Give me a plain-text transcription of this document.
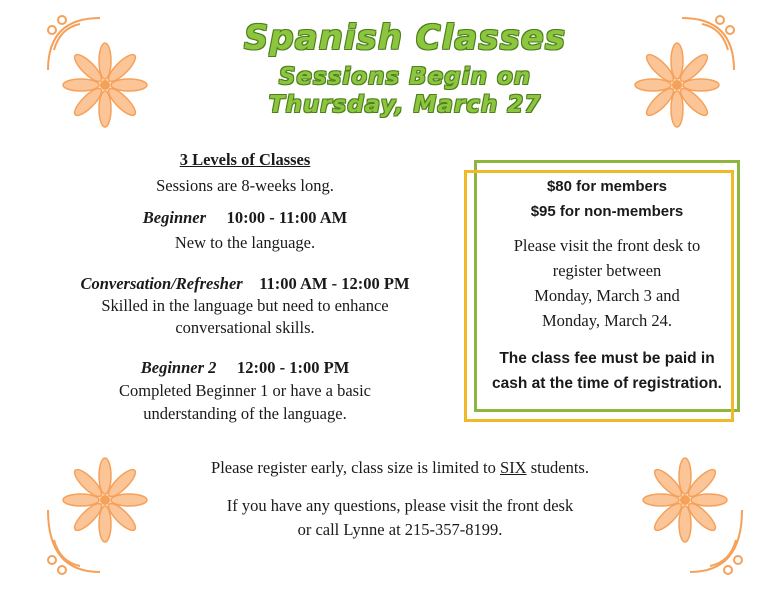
Spanish Classes
Sessions Begin on
Thursday, March 27
3 Levels of Classes
Sessions are 8-weeks long.
Beginner 10:00 - 11:00 AM
New to the language.
Conversation/Refresher 11:00 AM - 12:00 PM
Skilled in the language but need to enhance
conversational skills.
Beginner 2 12:00 - 1:00 PM
Completed Beginner 1 or have a basic
understanding of the language.
$80 for members
$95 for non-members
Please visit the front desk to
register between
Monday, March 3 and
Monday, March 24.
The class fee must be paid in
cash at the time of registration.
Please register early, class size is limited to SIX students.
If you have any questions, please visit the front desk
or call Lynne at 215-357-8199.
